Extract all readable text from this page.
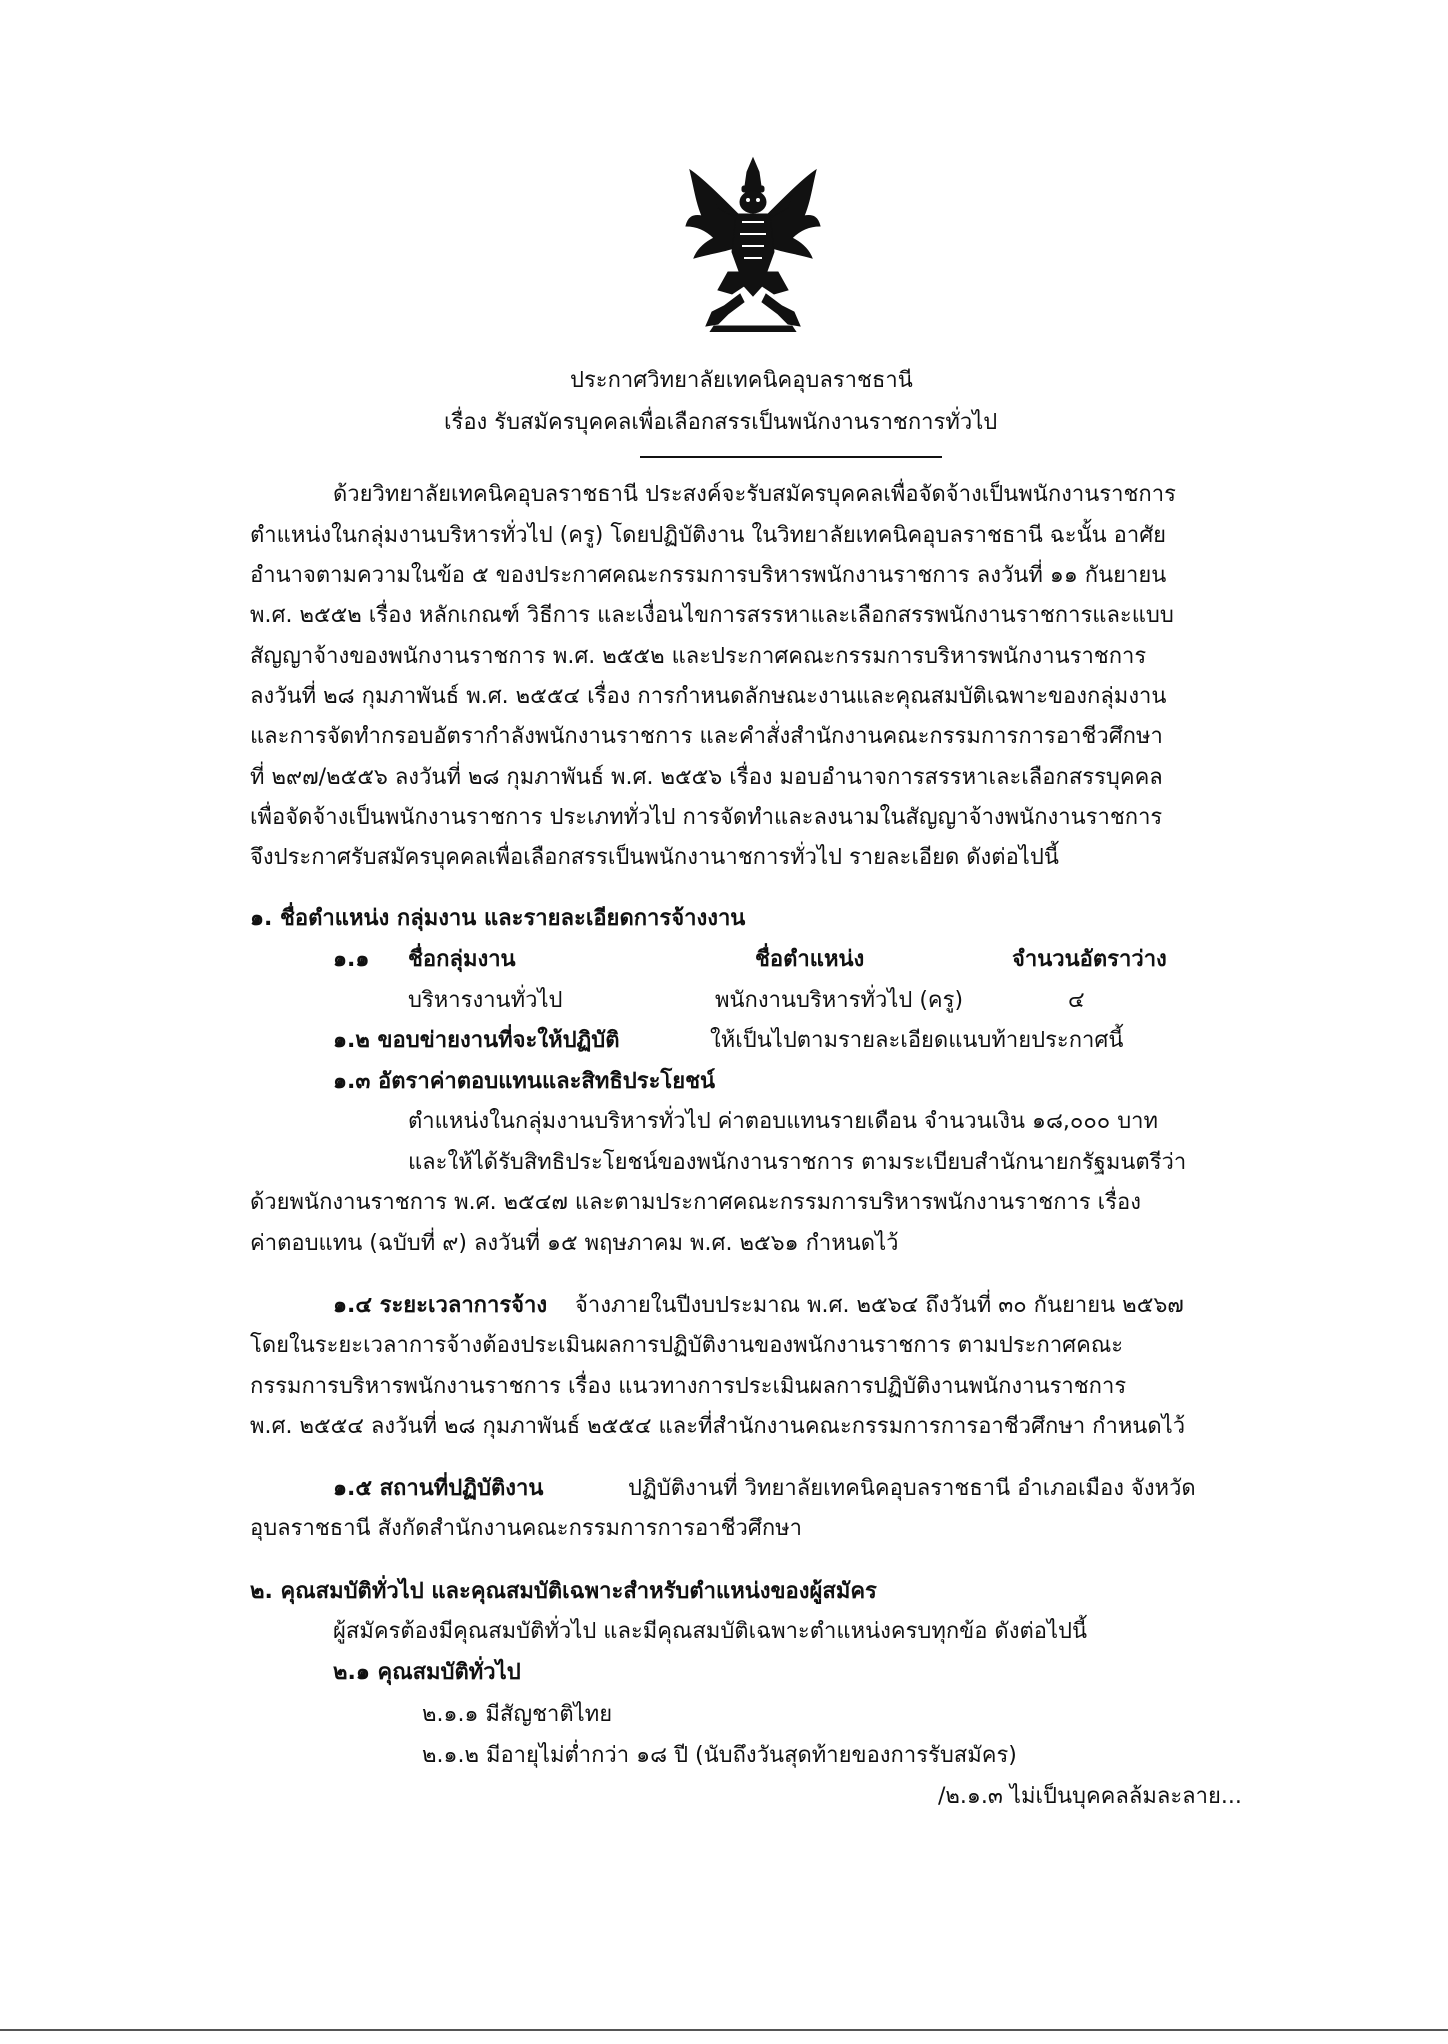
ประกาศวิทยาลัยเทคนิคอุบลราชธานี
เรื่อง รับสมัครบุคคลเพื่อเลือกสรรเป็นพนักงานราชการทั่วไป
ด้วยวิทยาลัยเทคนิคอุบลราชธานี ประสงค์จะรับสมัครบุคคลเพื่อจัดจ้างเป็นพนักงานราชการ
ตำแหน่งในกลุ่มงานบริหารทั่วไป (ครู) โดยปฏิบัติงาน ในวิทยาลัยเทคนิคอุบลราชธานี ฉะนั้น อาศัย
อำนาจตามความในข้อ ๕ ของประกาศคณะกรรมการบริหารพนักงานราชการ ลงวันที่ ๑๑ กันยายน
พ.ศ. ๒๕๕๒ เรื่อง หลักเกณฑ์ วิธีการ และเงื่อนไขการสรรหาและเลือกสรรพนักงานราชการและแบบ
สัญญาจ้างของพนักงานราชการ พ.ศ. ๒๕๕๒ และประกาศคณะกรรมการบริหารพนักงานราชการ
ลงวันที่ ๒๘ กุมภาพันธ์ พ.ศ. ๒๕๕๔ เรื่อง การกำหนดลักษณะงานและคุณสมบัติเฉพาะของกลุ่มงาน
และการจัดทำกรอบอัตรากำลังพนักงานราชการ และคำสั่งสำนักงานคณะกรรมการการอาชีวศึกษา
ที่ ๒๙๗/๒๕๕๖ ลงวันที่ ๒๘ กุมภาพันธ์ พ.ศ. ๒๕๕๖ เรื่อง มอบอำนาจการสรรหาเละเลือกสรรบุคคล
เพื่อจัดจ้างเป็นพนักงานราชการ ประเภททั่วไป การจัดทำและลงนามในสัญญาจ้างพนักงานราชการ
จึงประกาศรับสมัครบุคคลเพื่อเลือกสรรเป็นพนักงานาชการทั่วไป รายละเอียด ดังต่อไปนี้
๑. ชื่อตำแหน่ง กลุ่มงาน และรายละเอียดการจ้างงาน
๑.๑ ชื่อกลุ่มงาน	ชื่อตำแหน่ง	จำนวนอัตราว่าง
บริหารงานทั่วไป	พนักงานบริหารทั่วไป (ครู)	๔
๑.๒ ขอบข่ายงานที่จะให้ปฏิบัติ	ให้เป็นไปตามรายละเอียดแนบท้ายประกาศนี้
๑.๓ อัตราค่าตอบแทนและสิทธิประโยชน์
ตำแหน่งในกลุ่มงานบริหารทั่วไป ค่าตอบแทนรายเดือน จำนวนเงิน ๑๘,๐๐๐ บาท
และให้ได้รับสิทธิประโยชน์ของพนักงานราชการ ตามระเบียบสำนักนายกรัฐมนตรีว่า
ด้วยพนักงานราชการ พ.ศ. ๒๕๔๗ และตามประกาศคณะกรรมการบริหารพนักงานราชการ เรื่อง
ค่าตอบแทน (ฉบับที่ ๙) ลงวันที่ ๑๕ พฤษภาคม พ.ศ. ๒๕๖๑ กำหนดไว้
๑.๔ ระยะเวลาการจ้าง จ้างภายในปีงบประมาณ พ.ศ. ๒๕๖๔ ถึงวันที่ ๓๐ กันยายน ๒๕๖๗
โดยในระยะเวลาการจ้างต้องประเมินผลการปฏิบัติงานของพนักงานราชการ ตามประกาศคณะ
กรรมการบริหารพนักงานราชการ เรื่อง แนวทางการประเมินผลการปฏิบัติงานพนักงานราชการ
พ.ศ. ๒๕๕๔ ลงวันที่ ๒๘ กุมภาพันธ์ ๒๕๕๔ และที่สำนักงานคณะกรรมการการอาชีวศึกษา กำหนดไว้
๑.๕ สถานที่ปฏิบัติงาน	ปฏิบัติงานที่ วิทยาลัยเทคนิคอุบลราชธานี อำเภอเมือง จังหวัด
อุบลราชธานี สังกัดสำนักงานคณะกรรมการการอาชีวศึกษา
๒. คุณสมบัติทั่วไป และคุณสมบัติเฉพาะสำหรับตำแหน่งของผู้สมัคร
ผู้สมัครต้องมีคุณสมบัติทั่วไป และมีคุณสมบัติเฉพาะตำแหน่งครบทุกข้อ ดังต่อไปนี้
๒.๑ คุณสมบัติทั่วไป
๒.๑.๑ มีสัญชาติไทย
๒.๑.๒ มีอายุไม่ต่ำกว่า ๑๘ ปี (นับถึงวันสุดท้ายของการรับสมัคร)
/๒.๑.๓ ไม่เป็นบุคคลล้มละลาย...
